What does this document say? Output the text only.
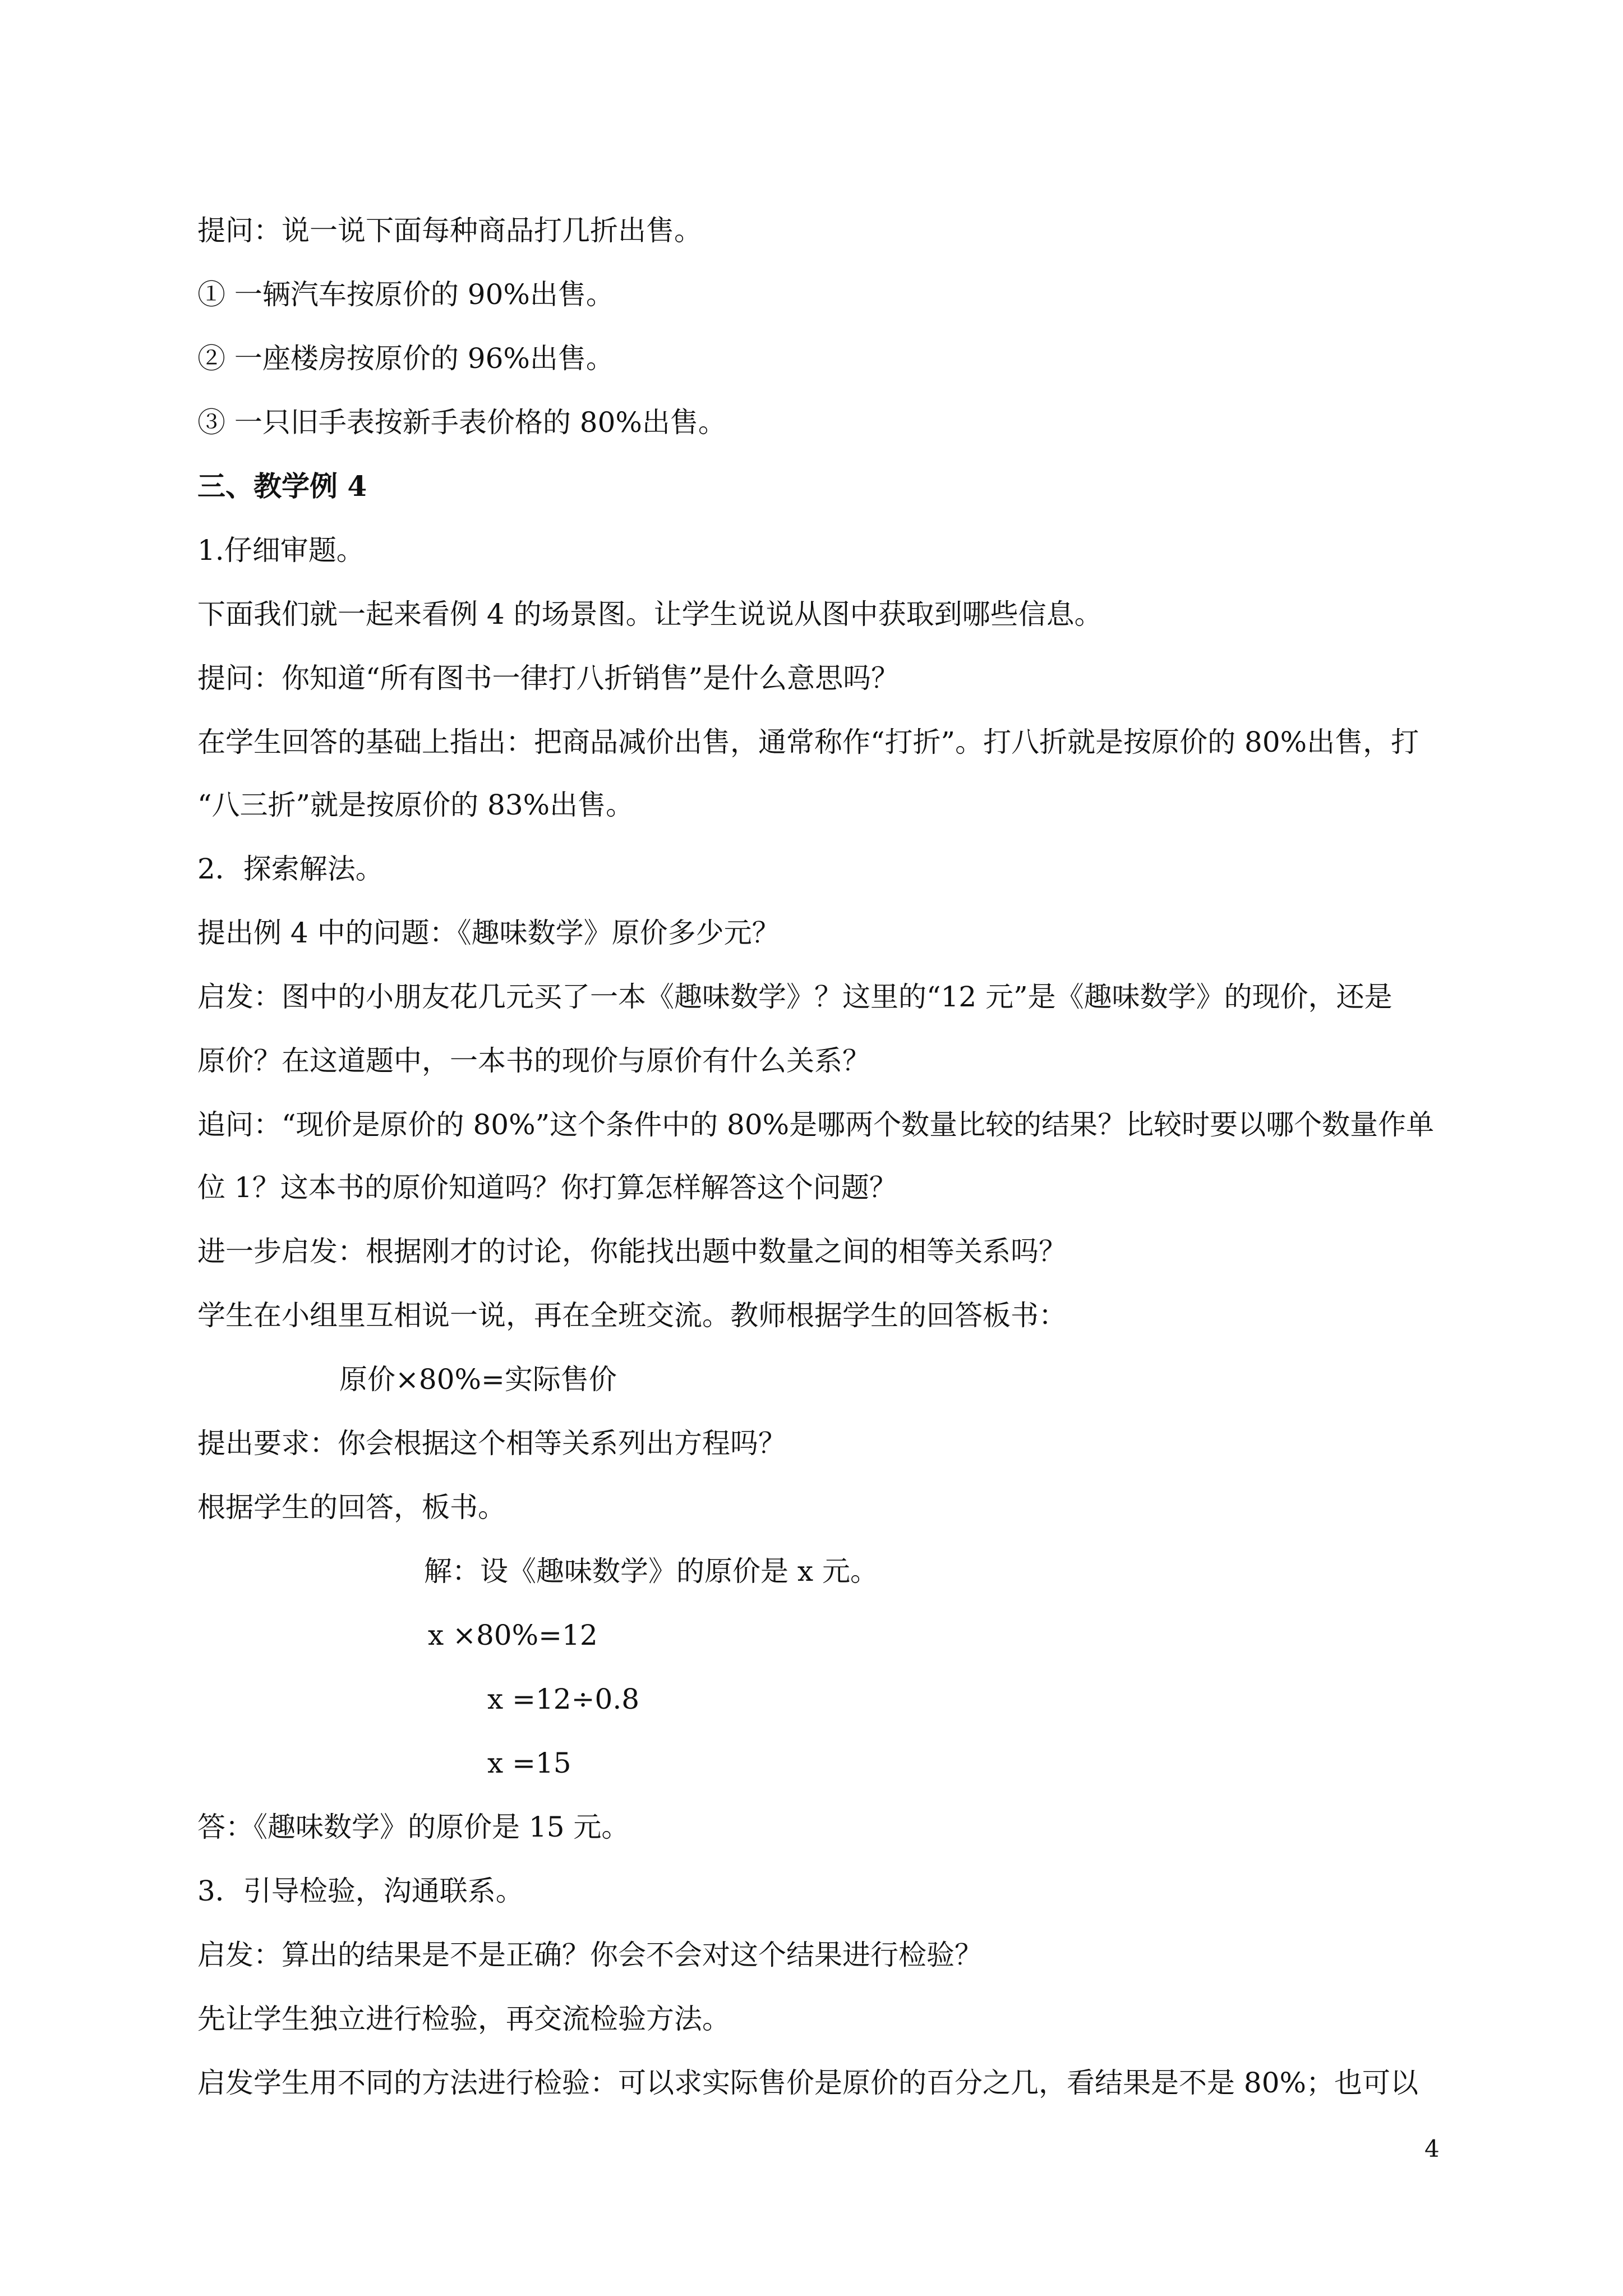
提问：说一说下面每种商品打几折出售。
① 一辆汽车按原价的 90%出售。
② 一座楼房按原价的 96%出售。
③ 一只旧手表按新手表价格的 80%出售。
三、教学例 4
1.仔细审题。
下面我们就一起来看例 4 的场景图。让学生说说从图中获取到哪些信息。
提问：你知道“所有图书一律打八折销售”是什么意思吗？
在学生回答的基础上指出：把商品减价出售，通常称作“打折”。打八折就是按原价的 80%出售，打
“八三折”就是按原价的 83%出售。
2．探索解法。
提出例 4 中的问题：《趣味数学》原价多少元？
启发：图中的小朋友花几元买了一本《趣味数学》？这里的“12 元”是《趣味数学》的现价，还是
原价？在这道题中，一本书的现价与原价有什么关系？
追问：“现价是原价的 80%”这个条件中的 80%是哪两个数量比较的结果？比较时要以哪个数量作单
位 1？这本书的原价知道吗？你打算怎样解答这个问题？
进一步启发：根据刚才的讨论，你能找出题中数量之间的相等关系吗？
学生在小组里互相说一说，再在全班交流。教师根据学生的回答板书：
原价×80%=实际售价
提出要求：你会根据这个相等关系列出方程吗？
根据学生的回答，板书。
解：设《趣味数学》的原价是 x 元。
x ×80%=12
x =12÷0.8
x =15
答：《趣味数学》的原价是 15 元。
3．引导检验，沟通联系。
启发：算出的结果是不是正确？你会不会对这个结果进行检验？
先让学生独立进行检验，再交流检验方法。
启发学生用不同的方法进行检验：可以求实际售价是原价的百分之几，看结果是不是 80%；也可以
4
